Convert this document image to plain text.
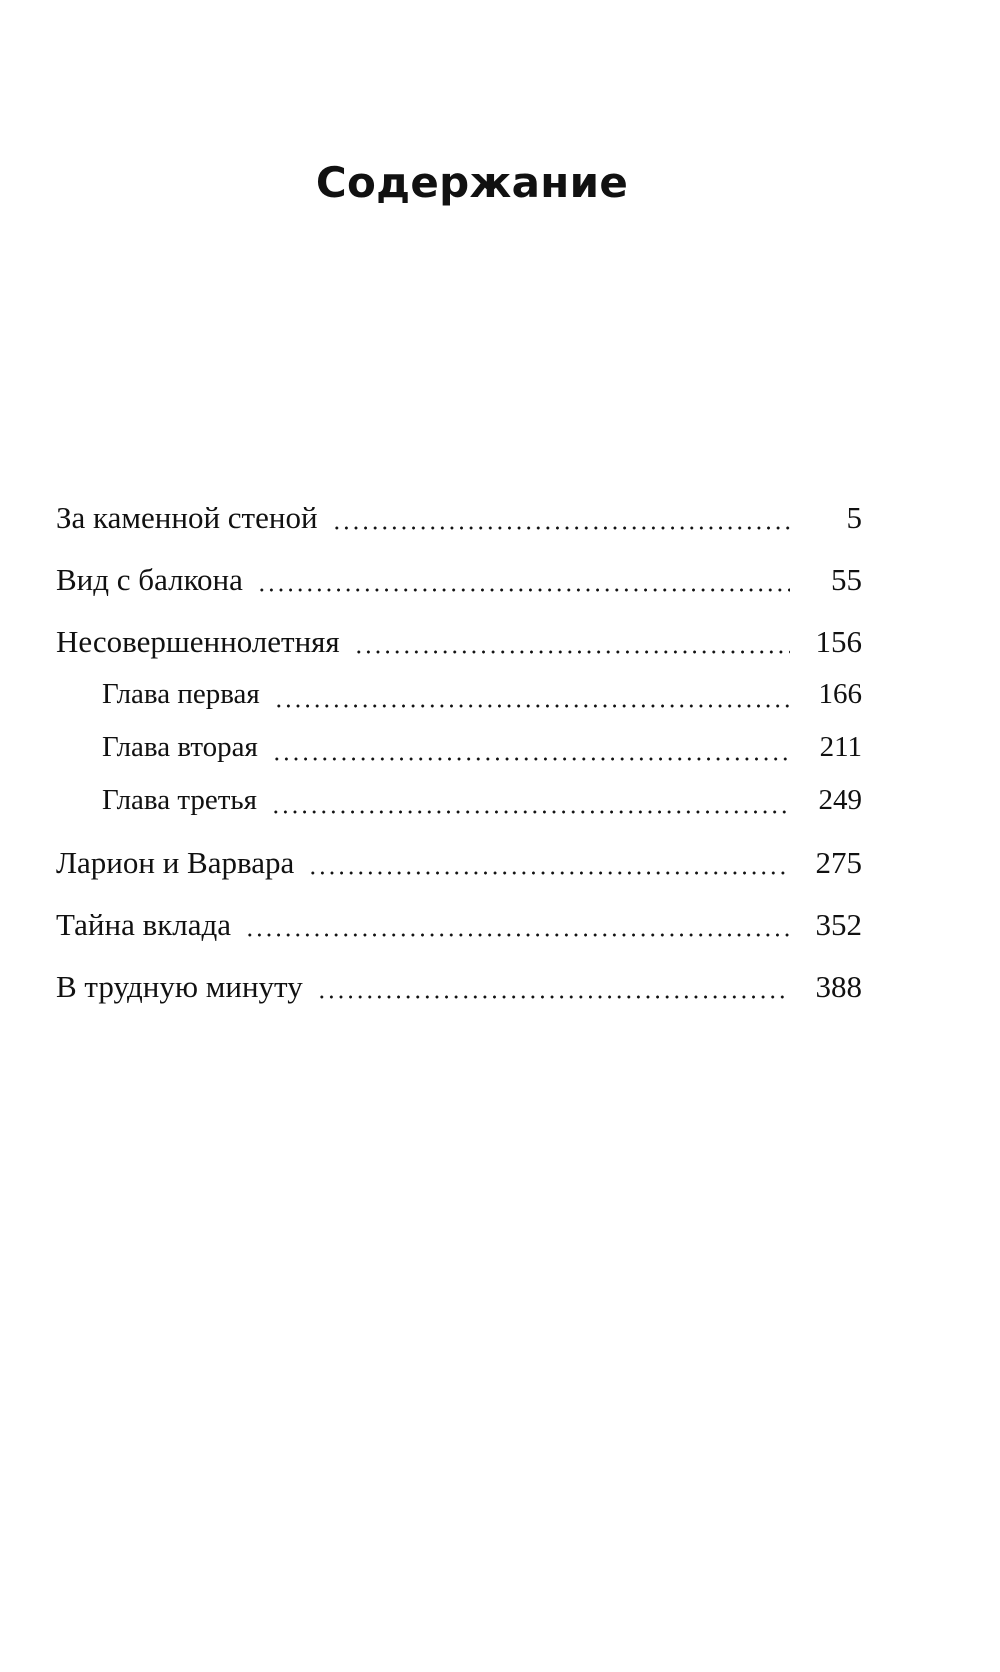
Содержание
За каменной стеной	5
Вид с балкона	55
Несовершеннолетняя	156
Глава первая	166
Глава вторая	211
Глава третья	249
Ларион и Варвара	275
Тайна вклада	352
В трудную минуту	388
